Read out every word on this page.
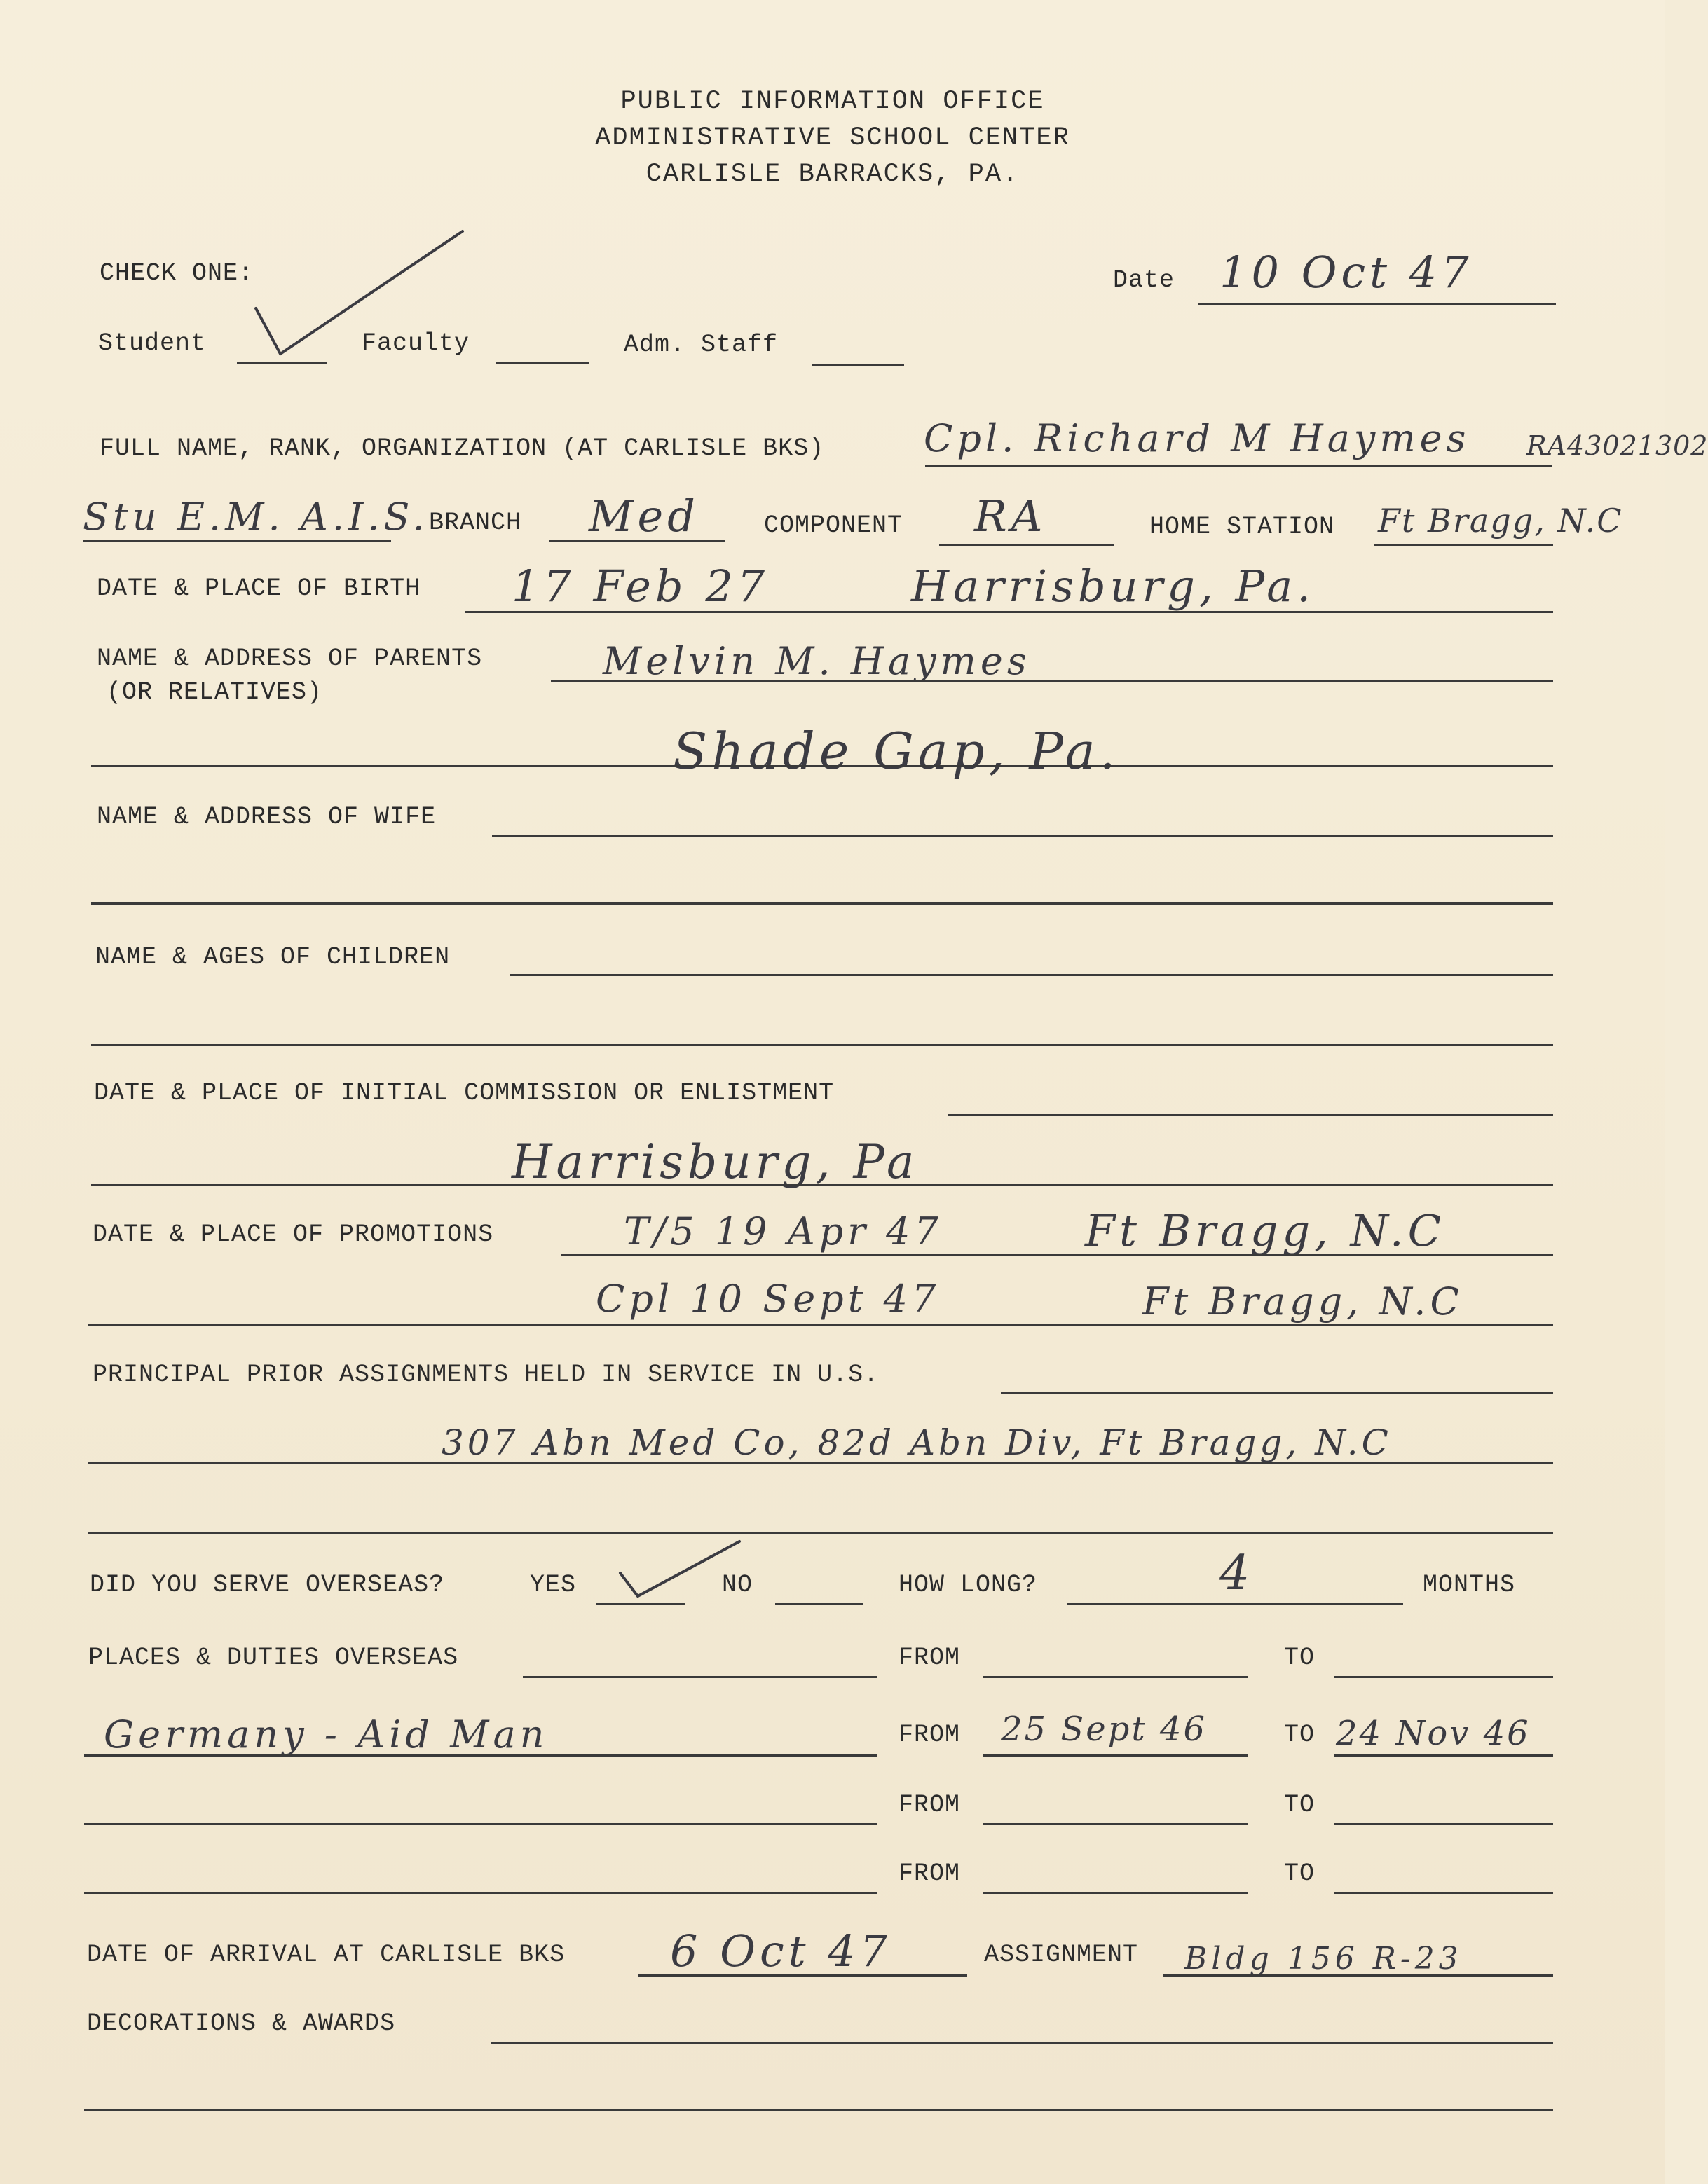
PUBLIC INFORMATION OFFICE
ADMINISTRATIVE SCHOOL CENTER
CARLISLE BARRACKS, PA.
CHECK ONE:	Date 10 Oct 47
Student	Faculty	Adm. Staff
FULL NAME, RANK, ORGANIZATION (AT CARLISLE BKS)	Cpl. Richard M Haymes RA43021302
Stu E.M. A.I.S. BRANCH Med	COMPONENT RA	HOME STATION Ft Bragg, N.C
DATE & PLACE OF BIRTH 17 Feb 27	Harrisburg, Pa.
NAME & ADDRESS OF PARENTS
(OR RELATIVES)
Melvin M. Haymes
Shade Gap, Pa.
NAME & ADDRESS OF WIFE
NAME & AGES OF CHILDREN
DATE & PLACE OF INITIAL COMMISSION OR ENLISTMENT
Harrisburg, Pa
DATE & PLACE OF PROMOTIONS	T/5 19 Apr 47	Ft Bragg, N.C
Cpl 10 Sept 47	Ft Bragg, N.C
PRINCIPAL PRIOR ASSIGNMENTS HELD IN SERVICE IN U.S.
307 Abn Med Co, 82d Abn Div, Ft Bragg, N.C
DID YOU SERVE OVERSEAS?	YES	NO	HOW LONG?	4	MONTHS
PLACES & DUTIES OVERSEAS	FROM	TO
Germany - Aid Man	FROM 25 Sept 46	TO 24 Nov 46
FROM	TO
FROM	TO
DATE OF ARRIVAL AT CARLISLE BKS 6 Oct 47	ASSIGNMENT Bldg 156 R-23
DECORATIONS & AWARDS
